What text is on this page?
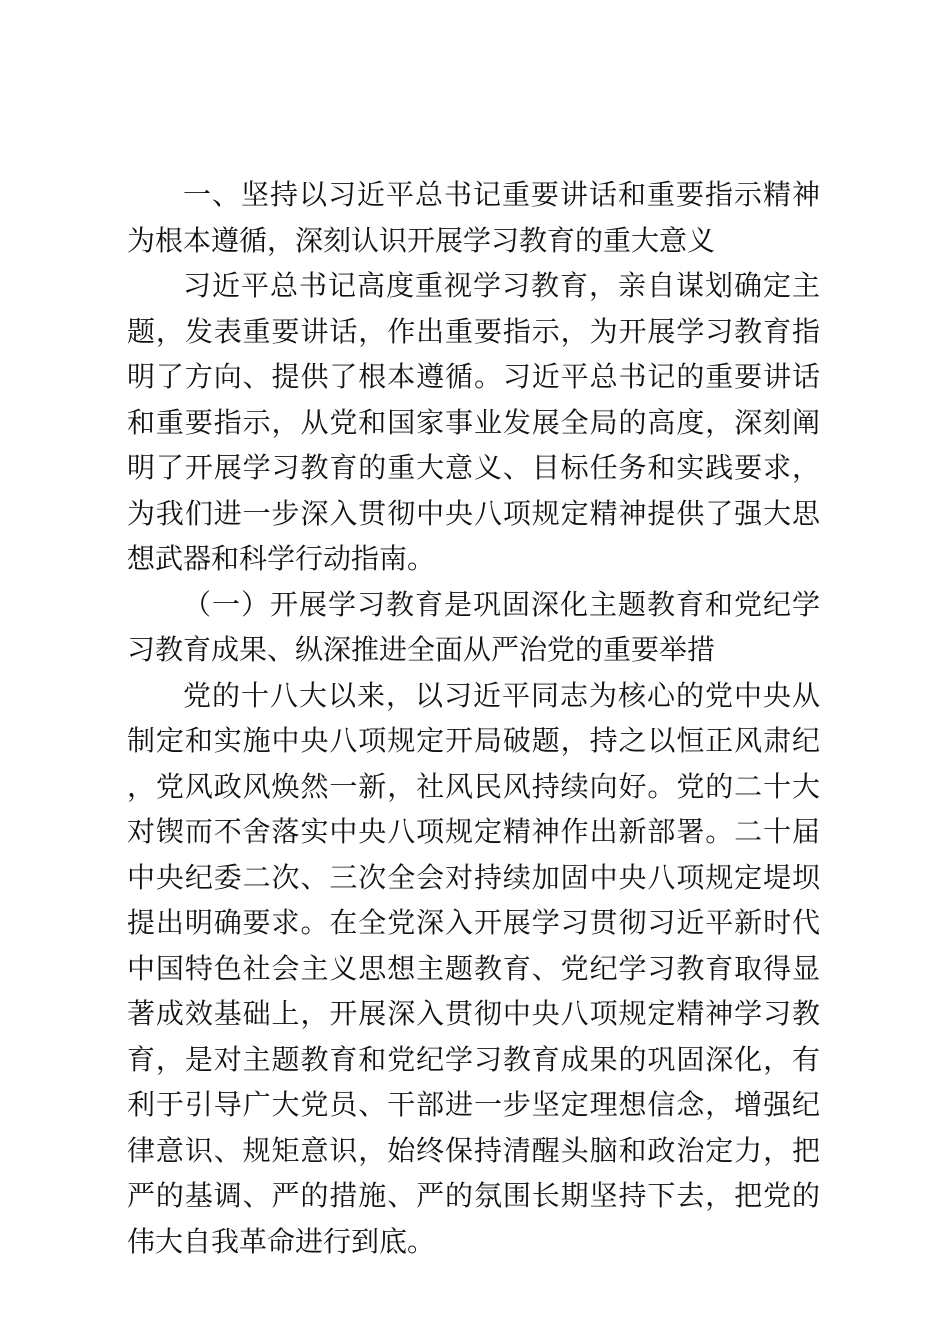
一、坚持以习近平总书记重要讲话和重要指示精神为根本遵循，深刻认识开展学习教育的重大意义

习近平总书记高度重视学习教育，亲自谋划确定主题，发表重要讲话，作出重要指示，为开展学习教育指明了方向、提供了根本遵循。习近平总书记的重要讲话和重要指示，从党和国家事业发展全局的高度，深刻阐明了开展学习教育的重大意义、目标任务和实践要求，为我们进一步深入贯彻中央八项规定精神提供了强大思想武器和科学行动指南。

（一）开展学习教育是巩固深化主题教育和党纪学习教育成果、纵深推进全面从严治党的重要举措

党的十八大以来，以习近平同志为核心的党中央从制定和实施中央八项规定开局破题，持之以恒正风肃纪，党风政风焕然一新，社风民风持续向好。党的二十大对锲而不舍落实中央八项规定精神作出新部署。二十届中央纪委二次、三次全会对持续加固中央八项规定堤坝提出明确要求。在全党深入开展学习贯彻习近平新时代中国特色社会主义思想主题教育、党纪学习教育取得显著成效基础上，开展深入贯彻中央八项规定精神学习教育，是对主题教育和党纪学习教育成果的巩固深化，有利于引导广大党员、干部进一步坚定理想信念，增强纪律意识、规矩意识，始终保持清醒头脑和政治定力，把严的基调、严的措施、严的氛围长期坚持下去，把党的伟大自我革命进行到底。
